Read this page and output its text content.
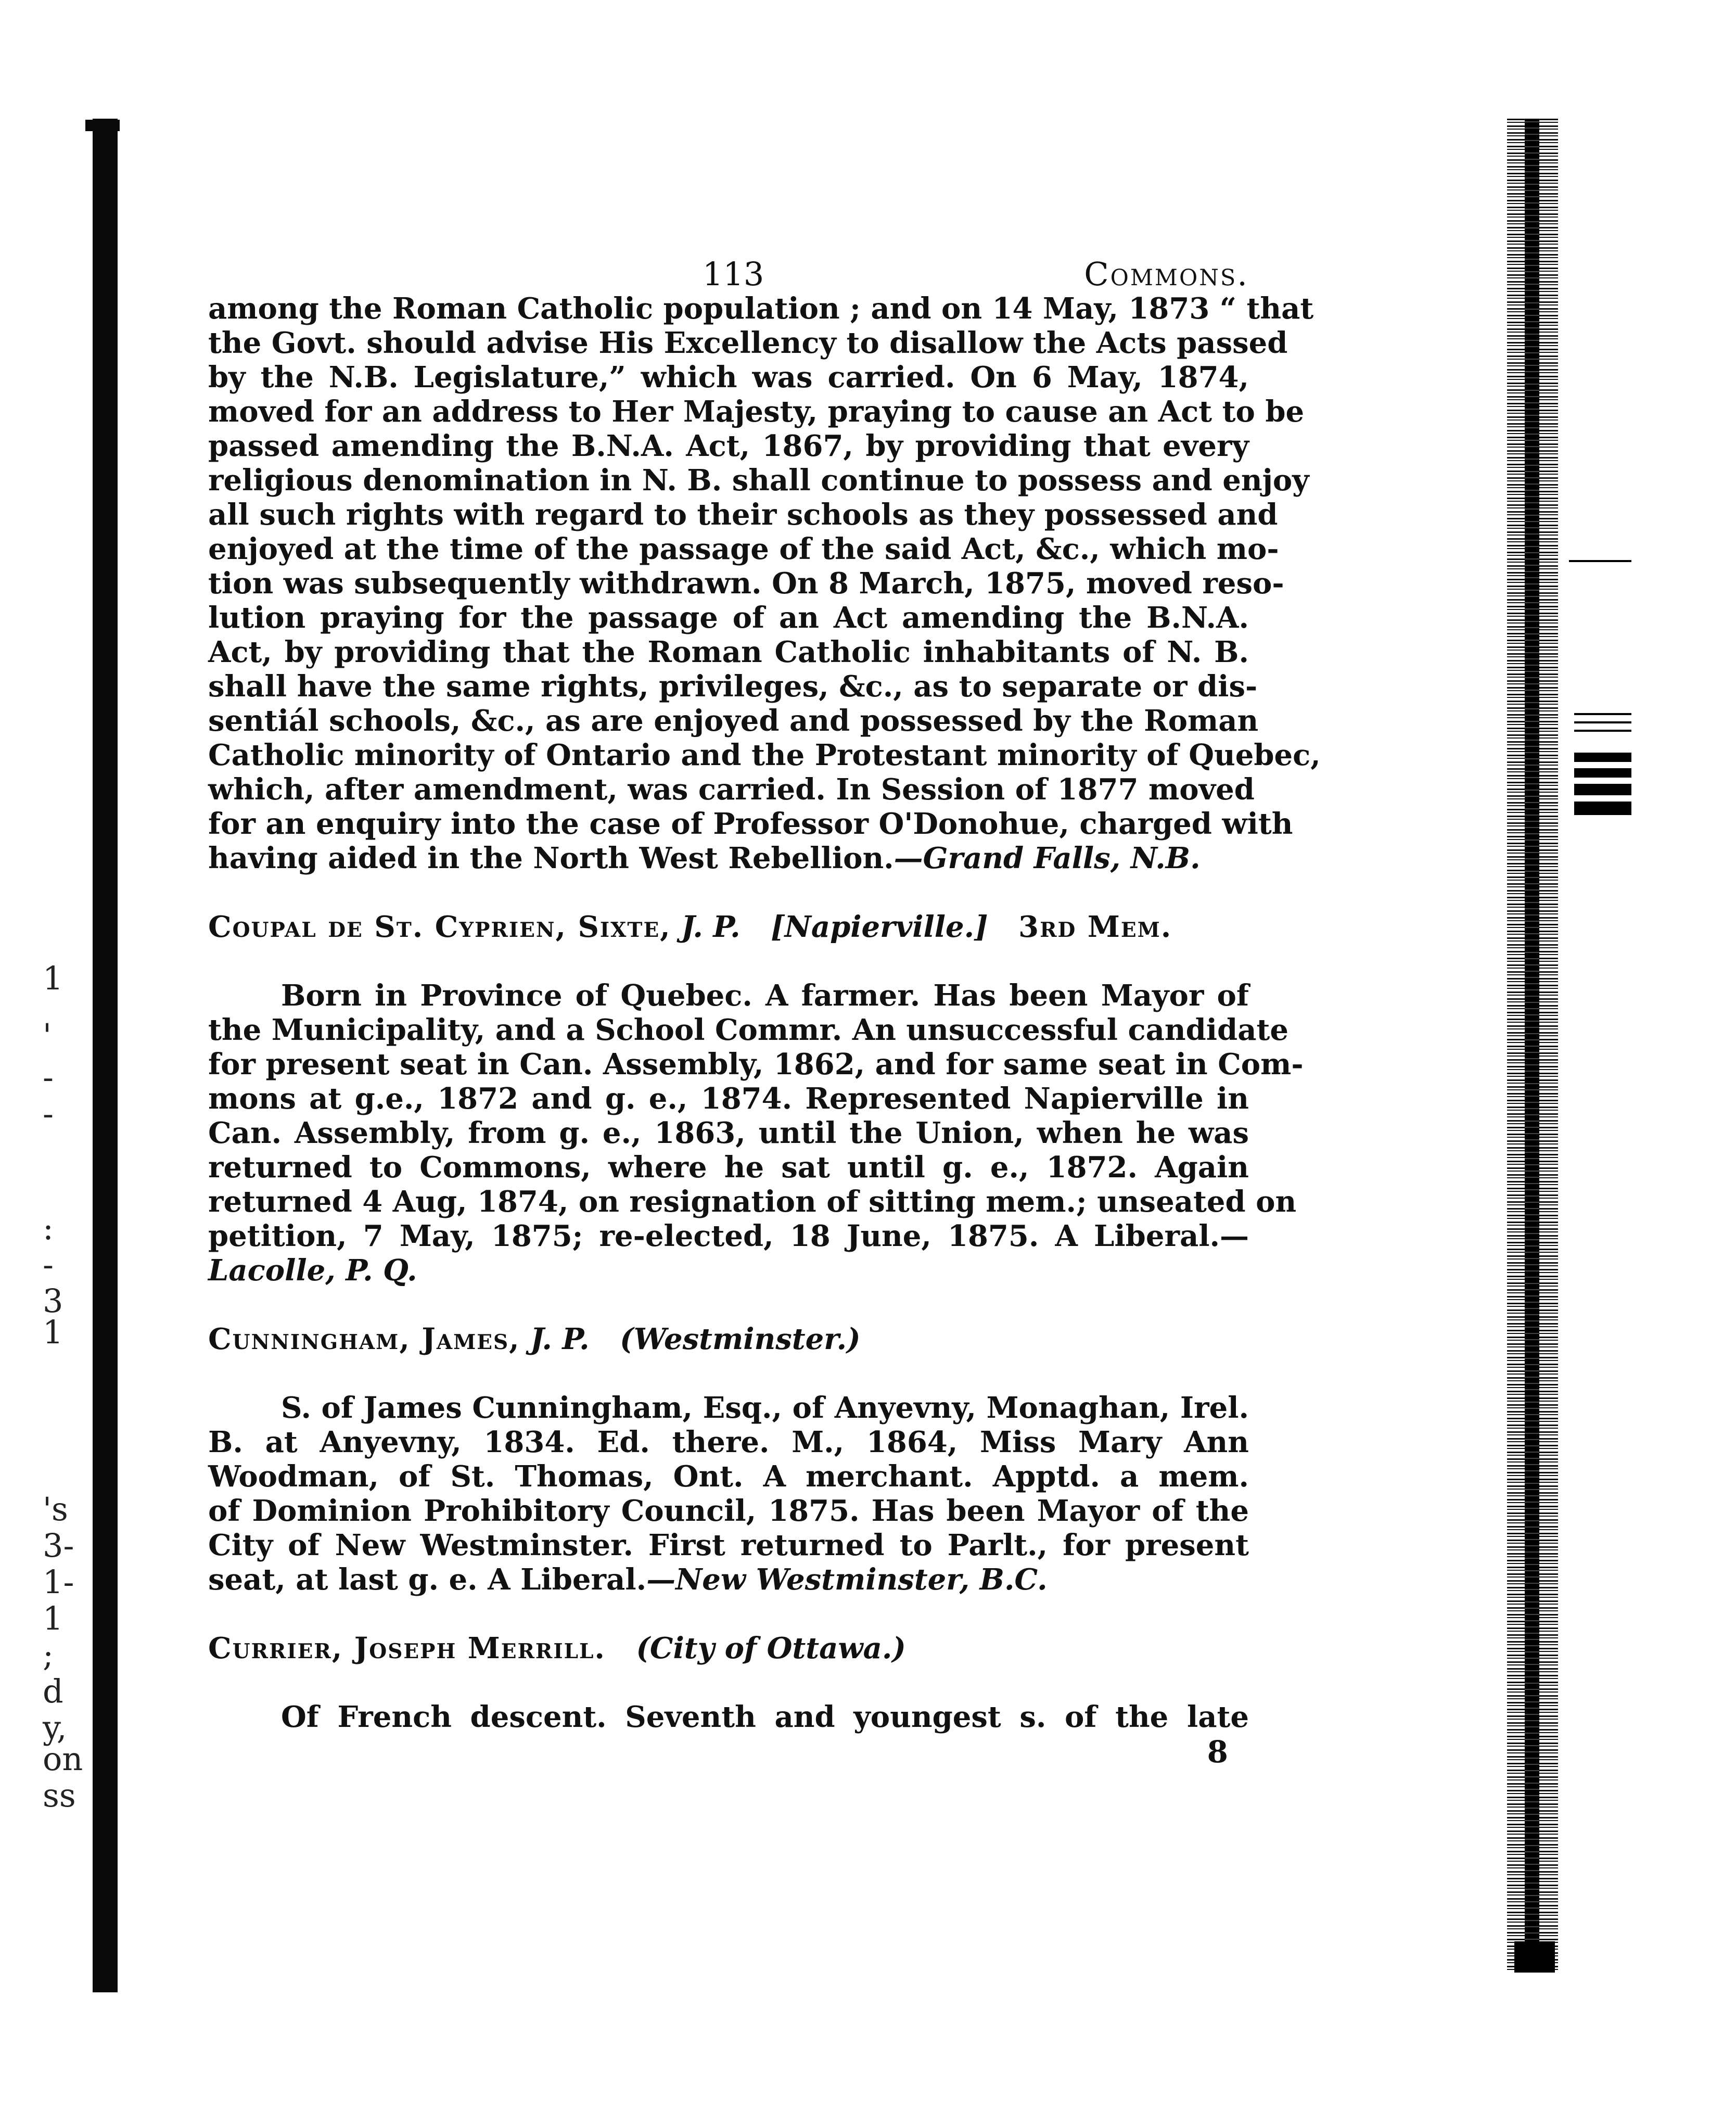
1
'
-
-
:
-
3
1
's
3-
1-
1
;
d
y,
on
ss
113	Commons.
among the Roman Catholic population ; and on 14 May, 1873 “ that
the Govt. should advise His Excellency to disallow the Acts passed
by the N.B. Legislature,” which was carried. On 6 May, 1874,
moved for an address to Her Majesty, praying to cause an Act to be
passed amending the B.N.A. Act, 1867, by providing that every
religious denomination in N. B. shall continue to possess and enjoy
all such rights with regard to their schools as they possessed and
enjoyed at the time of the passage of the said Act, &c., which mo-
tion was subsequently withdrawn. On 8 March, 1875, moved reso-
lution praying for the passage of an Act amending the B.N.A.
Act, by providing that the Roman Catholic inhabitants of N. B.
shall have the same rights, privileges, &c., as to separate or dis-
sentiál schools, &c., as are enjoyed and possessed by the Roman
Catholic minority of Ontario and the Protestant minority of Quebec,
which, after amendment, was carried. In Session of 1877 moved
for an enquiry into the case of Professor O'Donohue, charged with
having aided in the North West Rebellion.—Grand Falls, N.B.
Coupal de St. Cyprien, Sixte, J. P. [Napierville.] 3rd Mem.
Born in Province of Quebec. A farmer. Has been Mayor of
the Municipality, and a School Commr. An unsuccessful candidate
for present seat in Can. Assembly, 1862, and for same seat in Com-
mons at g.e., 1872 and g. e., 1874. Represented Napierville in
Can. Assembly, from g. e., 1863, until the Union, when he was
returned to Commons, where he sat until g. e., 1872. Again
returned 4 Aug, 1874, on resignation of sitting mem.; unseated on
petition, 7 May, 1875; re-elected, 18 June, 1875. A Liberal.—
Lacolle, P. Q.
Cunningham, James, J. P. (Westminster.)
S. of James Cunningham, Esq., of Anyevny, Monaghan, Irel.
B. at Anyevny, 1834. Ed. there. M., 1864, Miss Mary Ann
Woodman, of St. Thomas, Ont. A merchant. Apptd. a mem.
of Dominion Prohibitory Council, 1875. Has been Mayor of the
City of New Westminster. First returned to Parlt., for present
seat, at last g. e. A Liberal.—New Westminster, B.C.
Currier, Joseph Merrill. (City of Ottawa.)
Of French descent. Seventh and youngest s. of the late
8
